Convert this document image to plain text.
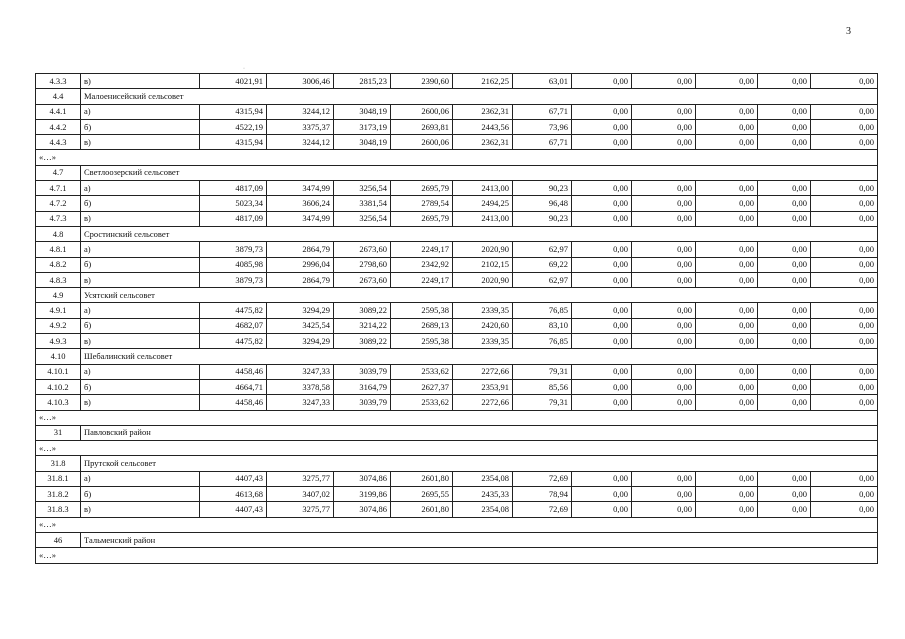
3
·
4.3.3	в)	4021,91	3006,46	2815,23	2390,60	2162,25	63,01	0,00	0,00	0,00	0,00	0,00
4.4	Малоенисейский сельсовет											
4.4.1	а)	4315,94	3244,12	3048,19	2600,06	2362,31	67,71	0,00	0,00	0,00	0,00	0,00
4.4.2	б)	4522,19	3375,37	3173,19	2693,81	2443,56	73,96	0,00	0,00	0,00	0,00	0,00
4.4.3	в)	4315,94	3244,12	3048,19	2600,06	2362,31	67,71	0,00	0,00	0,00	0,00	0,00
«…»												
4.7	Светлоозерский сельсовет											
4.7.1	а)	4817,09	3474,99	3256,54	2695,79	2413,00	90,23	0,00	0,00	0,00	0,00	0,00
4.7.2	б)	5023,34	3606,24	3381,54	2789,54	2494,25	96,48	0,00	0,00	0,00	0,00	0,00
4.7.3	в)	4817,09	3474,99	3256,54	2695,79	2413,00	90,23	0,00	0,00	0,00	0,00	0,00
4.8	Сростинский сельсовет											
4.8.1	а)	3879,73	2864,79	2673,60	2249,17	2020,90	62,97	0,00	0,00	0,00	0,00	0,00
4.8.2	б)	4085,98	2996,04	2798,60	2342,92	2102,15	69,22	0,00	0,00	0,00	0,00	0,00
4.8.3	в)	3879,73	2864,79	2673,60	2249,17	2020,90	62,97	0,00	0,00	0,00	0,00	0,00
4.9	Усятский сельсовет											
4.9.1	а)	4475,82	3294,29	3089,22	2595,38	2339,35	76,85	0,00	0,00	0,00	0,00	0,00
4.9.2	б)	4682,07	3425,54	3214,22	2689,13	2420,60	83,10	0,00	0,00	0,00	0,00	0,00
4.9.3	в)	4475,82	3294,29	3089,22	2595,38	2339,35	76,85	0,00	0,00	0,00	0,00	0,00
4.10	Шебалинский сельсовет											
4.10.1	а)	4458,46	3247,33	3039,79	2533,62	2272,66	79,31	0,00	0,00	0,00	0,00	0,00
4.10.2	б)	4664,71	3378,58	3164,79	2627,37	2353,91	85,56	0,00	0,00	0,00	0,00	0,00
4.10.3	в)	4458,46	3247,33	3039,79	2533,62	2272,66	79,31	0,00	0,00	0,00	0,00	0,00
«…»												
31	Павловский район											
«…»												
31.8	Прутской сельсовет											
31.8.1	а)	4407,43	3275,77	3074,86	2601,80	2354,08	72,69	0,00	0,00	0,00	0,00	0,00
31.8.2	б)	4613,68	3407,02	3199,86	2695,55	2435,33	78,94	0,00	0,00	0,00	0,00	0,00
31.8.3	в)	4407,43	3275,77	3074,86	2601,80	2354,08	72,69	0,00	0,00	0,00	0,00	0,00
«…»												
46	Тальменский район											
«…»												
